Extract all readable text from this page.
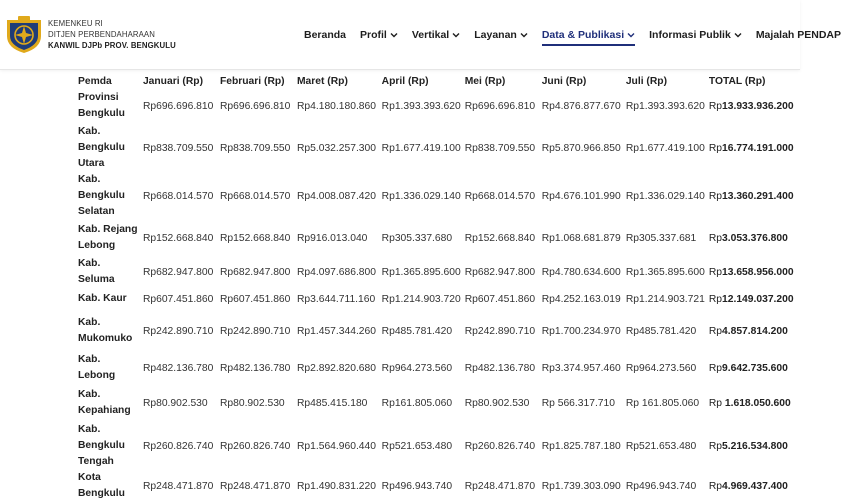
KEMENKEU RI
DITJEN PERBENDAHARAAN
KANWIL DJPb PROV. BENGKULU
Beranda Profil Vertikal Layanan Data & Publikasi Informasi Publik Majalah PENDAP
Pemda	Januari (Rp)	Februari (Rp)	Maret (Rp)	April (Rp)	Mei (Rp)	Juni (Rp)	Juli (Rp)	TOTAL (Rp)
Provinsi Bengkulu	Rp696.696.810	Rp696.696.810	Rp4.180.180.860	Rp1.393.393.620	Rp696.696.810	Rp4.876.877.670	Rp1.393.393.620	Rp13.933.936.200
Kab. Bengkulu Utara	Rp838.709.550	Rp838.709.550	Rp5.032.257.300	Rp1.677.419.100	Rp838.709.550	Rp5.870.966.850	Rp1.677.419.100	Rp16.774.191.000
Kab. Bengkulu Selatan	Rp668.014.570	Rp668.014.570	Rp4.008.087.420	Rp1.336.029.140	Rp668.014.570	Rp4.676.101.990	Rp1.336.029.140	Rp13.360.291.400
Kab. Rejang Lebong	Rp152.668.840	Rp152.668.840	Rp916.013.040	Rp305.337.680	Rp152.668.840	Rp1.068.681.879	Rp305.337.681	Rp3.053.376.800
Kab. Seluma	Rp682.947.800	Rp682.947.800	Rp4.097.686.800	Rp1.365.895.600	Rp682.947.800	Rp4.780.634.600	Rp1.365.895.600	Rp13.658.956.000
Kab. Kaur	Rp607.451.860	Rp607.451.860	Rp3.644.711.160	Rp1.214.903.720	Rp607.451.860	Rp4.252.163.019	Rp1.214.903.721	Rp12.149.037.200
Kab. Mukomuko	Rp242.890.710	Rp242.890.710	Rp1.457.344.260	Rp485.781.420	Rp242.890.710	Rp1.700.234.970	Rp485.781.420	Rp4.857.814.200
Kab. Lebong	Rp482.136.780	Rp482.136.780	Rp2.892.820.680	Rp964.273.560	Rp482.136.780	Rp3.374.957.460	Rp964.273.560	Rp9.642.735.600
Kab. Kepahiang	Rp80.902.530	Rp80.902.530	Rp485.415.180	Rp161.805.060	Rp80.902.530	Rp 566.317.710	Rp 161.805.060	Rp 1.618.050.600
Kab. Bengkulu Tengah	Rp260.826.740	Rp260.826.740	Rp1.564.960.440	Rp521.653.480	Rp260.826.740	Rp1.825.787.180	Rp521.653.480	Rp5.216.534.800
Kota Bengkulu	Rp248.471.870	Rp248.471.870	Rp1.490.831.220	Rp496.943.740	Rp248.471.870	Rp1.739.303.090	Rp496.943.740	Rp4.969.437.400
